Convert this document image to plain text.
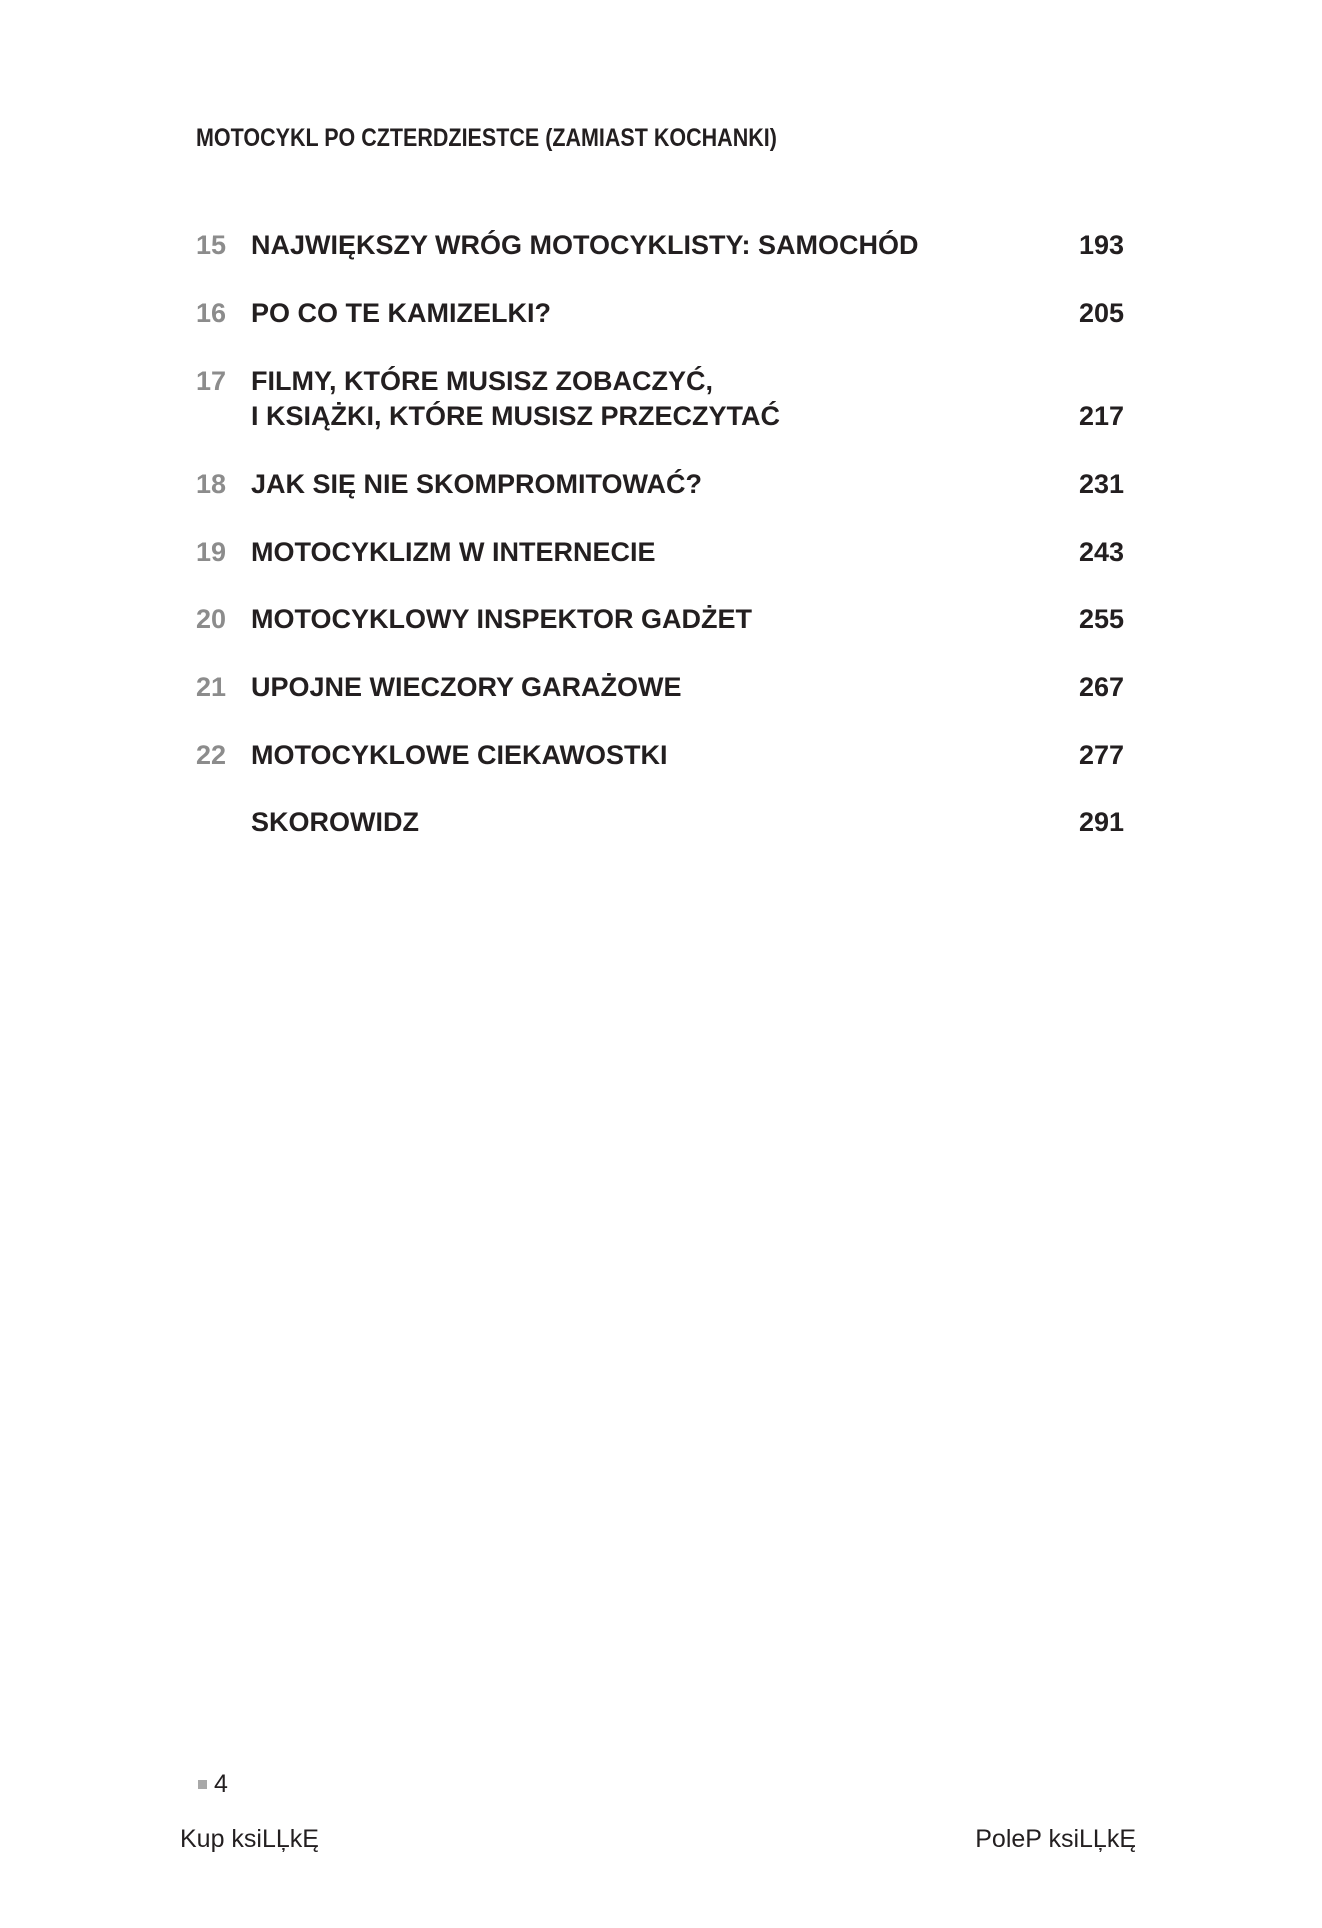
MOTOCYKL PO CZTERDZIESTCE (ZAMIAST KOCHANKI)
15 NAJWIĘKSZY WRÓG MOTOCYKLISTY: SAMOCHÓD	193
16 PO CO TE KAMIZELKI?	205
17 FILMY, KTÓRE MUSISZ ZOBACZYĆ,
I KSIĄŻKI, KTÓRE MUSISZ PRZECZYTAĆ	217
18 JAK SIĘ NIE SKOMPROMITOWAĆ?	231
19 MOTOCYKLIZM W INTERNECIE	243
20 MOTOCYKLOWY INSPEKTOR GADŻET	255
21 UPOJNE WIECZORY GARAŻOWE	267
22 MOTOCYKLOWE CIEKAWOSTKI	277
SKOROWIDZ	291
4
Kup ksiLĻkĘ	PoleP ksiLĻkĘ
